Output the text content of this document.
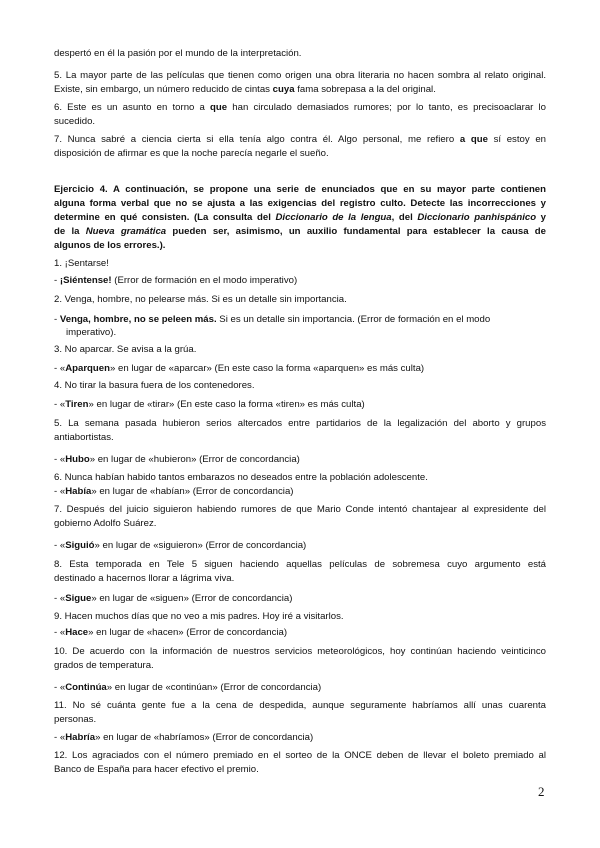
despertó en él la pasión por el mundo de la interpretación.
5. La mayor parte de las películas que tienen como origen una obra literaria no hacen sombra al relato original.
Existe, sin embargo, un número reducido de cintas cuya fama sobrepasa a la del original.
6. Este es un asunto en torno a que han circulado demasiados rumores; por lo tanto, es precisoaclarar lo
sucedido.
7. Nunca sabré a ciencia cierta si ella tenía algo contra él. Algo personal, me refiero a que sí estoy en
disposición de afirmar es que la noche parecía negarle el sueño.
Ejercicio 4. A continuación, se propone una serie de enunciados que en su mayor parte contienen
alguna forma verbal que no se ajusta a las exigencias del registro culto. Detecte las incorrecciones y
determine en qué consisten. (La consulta del Diccionario de la lengua, del Diccionario panhispánico y
de la Nueva gramática pueden ser, asimismo, un auxilio fundamental para establecer la causa de
algunos de los errores.).
1. ¡Sentarse!
- ¡Siéntense! (Error de formación en el modo imperativo)
2. Venga, hombre, no pelearse más. Si es un detalle sin importancia.
- Venga, hombre, no se peleen más. Si es un detalle sin importancia. (Error de formación en el modo
imperativo).
3. No aparcar. Se avisa a la grúa.
- «Aparquen» en lugar de «aparcar» (En este caso la forma «aparquen» es más culta)
4. No tirar la basura fuera de los contenedores.
- «Tiren» en lugar de «tirar» (En este caso la forma «tiren» es más culta)
5. La semana pasada hubieron serios altercados entre partidarios de la legalización del aborto y grupos
antiabortistas.
- «Hubo» en lugar de «hubieron» (Error de concordancia)
6. Nunca habían habido tantos embarazos no deseados entre la población adolescente.
- «Había» en lugar de «habían» (Error de concordancia)
7. Después del juicio siguieron habiendo rumores de que Mario Conde intentó chantajear al expresidente del
gobierno Adolfo Suárez.
- «Siguió» en lugar de «siguieron» (Error de concordancia)
8. Esta temporada en Tele 5 siguen haciendo aquellas películas de sobremesa cuyo argumento está
destinado a hacernos llorar a lágrima viva.
- «Sigue» en lugar de «siguen» (Error de concordancia)
9. Hacen muchos días que no veo a mis padres. Hoy iré a visitarlos.
- «Hace» en lugar de «hacen» (Error de concordancia)
10. De acuerdo con la información de nuestros servicios meteorológicos, hoy continúan haciendo veinticinco
grados de temperatura.
- «Continúa» en lugar de «continúan» (Error de concordancia)
11. No sé cuánta gente fue a la cena de despedida, aunque seguramente habríamos allí unas cuarenta
personas.
- «Habría» en lugar de «habríamos» (Error de concordancia)
12. Los agraciados con el número premiado en el sorteo de la ONCE deben de llevar el boleto premiado al
Banco de España para hacer efectivo el premio.
2
